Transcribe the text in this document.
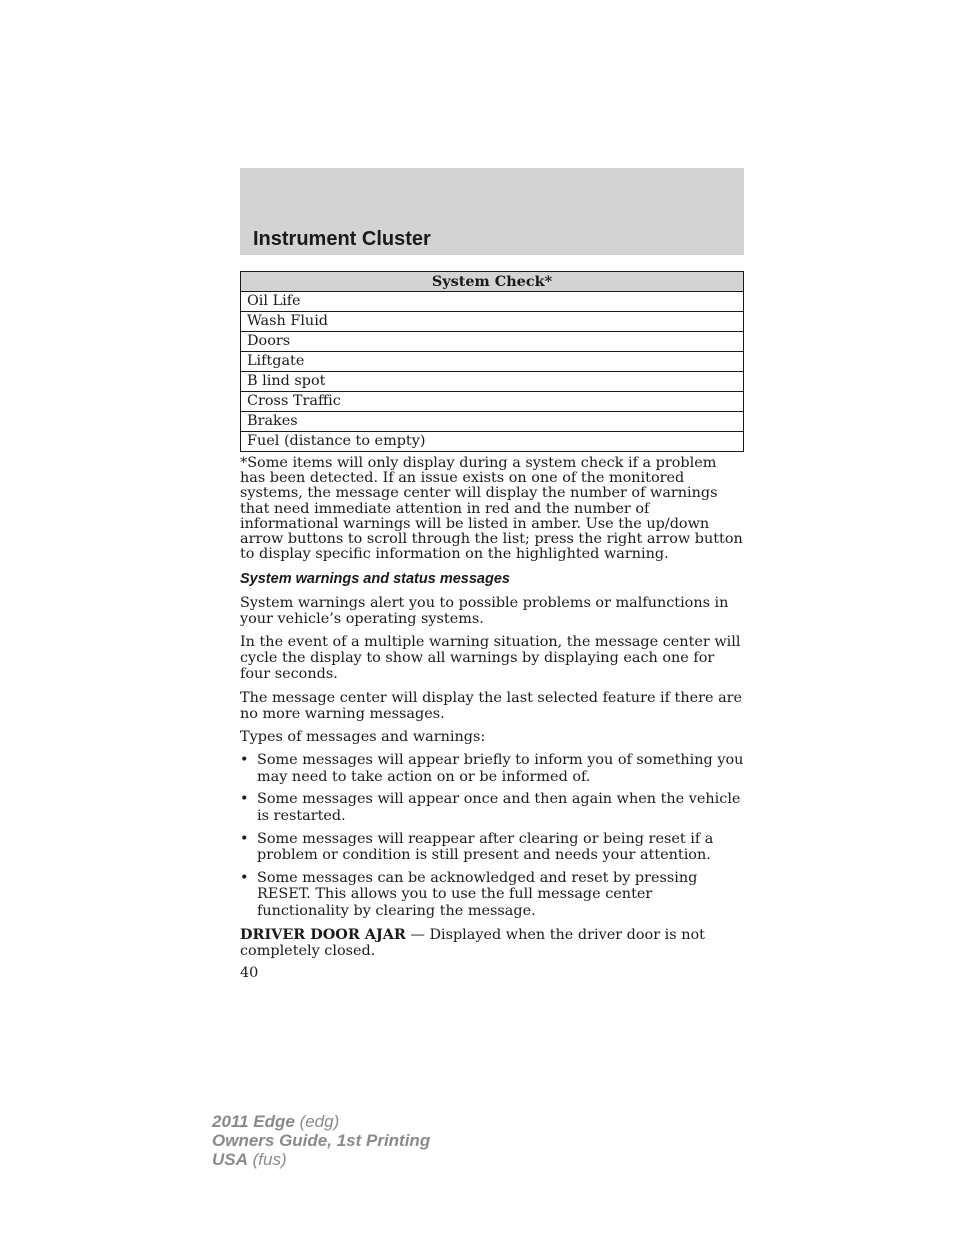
Instrument Cluster
System Check*
Oil Life
Wash Fluid
Doors
Liftgate
B lind spot
Cross Traffic
Brakes
Fuel (distance to empty)

*Some items will only display during a system check if a problem has been detected. If an issue exists on one of the monitored systems, the message center will display the number of warnings that need immediate attention in red and the number of informational warnings will be listed in amber. Use the up/down arrow buttons to scroll through the list; press the right arrow button to display specific information on the highlighted warning.

System warnings and status messages

System warnings alert you to possible problems or malfunctions in your vehicle’s operating systems.

In the event of a multiple warning situation, the message center will cycle the display to show all warnings by displaying each one for four seconds.

The message center will display the last selected feature if there are no more warning messages.

Types of messages and warnings:

• Some messages will appear briefly to inform you of something you may need to take action on or be informed of.
• Some messages will appear once and then again when the vehicle is restarted.
• Some messages will reappear after clearing or being reset if a problem or condition is still present and needs your attention.
• Some messages can be acknowledged and reset by pressing RESET. This allows you to use the full message center functionality by clearing the message.

DRIVER DOOR AJAR — Displayed when the driver door is not completely closed.

40

2011 Edge (edg)
Owners Guide, 1st Printing
USA (fus)
